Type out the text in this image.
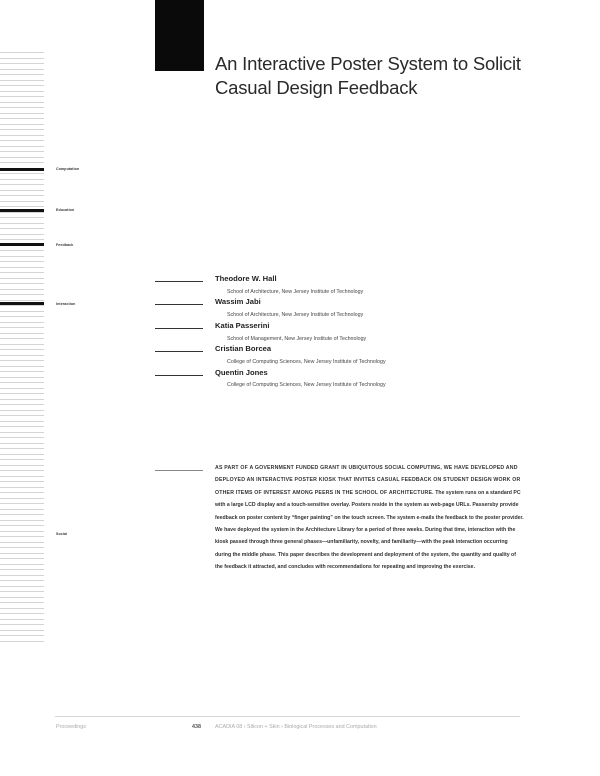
An Interactive Poster System to Solicit Casual Design Feedback
Computation
Education
Feedback
Interaction
Social
Theodore W. Hall
School of Architecture, New Jersey Institute of Technology
Wassim Jabi
School of Architecture, New Jersey Institute of Technology
Katia Passerini
School of Management, New Jersey Institute of Technology
Cristian Borcea
College of Computing Sciences, New Jersey Institute of Technology
Quentin Jones
College of Computing Sciences, New Jersey Institute of Technology
AS PART OF A GOVERNMENT FUNDED GRANT IN UBIQUITOUS SOCIAL COMPUTING, WE HAVE DEVELOPED AND DEPLOYED AN INTERACTIVE POSTER KIOSK THAT INVITES CASUAL FEEDBACK ON STUDENT DESIGN WORK OR OTHER ITEMS OF INTEREST AMONG PEERS IN THE SCHOOL OF ARCHITECTURE. The system runs on a standard PC with a large LCD display and a touch-sensitive overlay. Posters reside in the system as web-page URLs. Passersby provide feedback on poster content by “finger painting” on the touch screen. The system e-mails the feedback to the poster provider. We have deployed the system in the Architecture Library for a period of three weeks. During that time, interaction with the kiosk passed through three general phases—unfamiliarity, novelty, and familiarity—with the peak interaction occurring during the middle phase. This paper describes the development and deployment of the system, the quantity and quality of the feedback it attracted, and concludes with recommendations for repeating and improving the exercise.
Proceedings	438	ACADIA 08 › Silicon + Skin › Biological Processes and Computation
